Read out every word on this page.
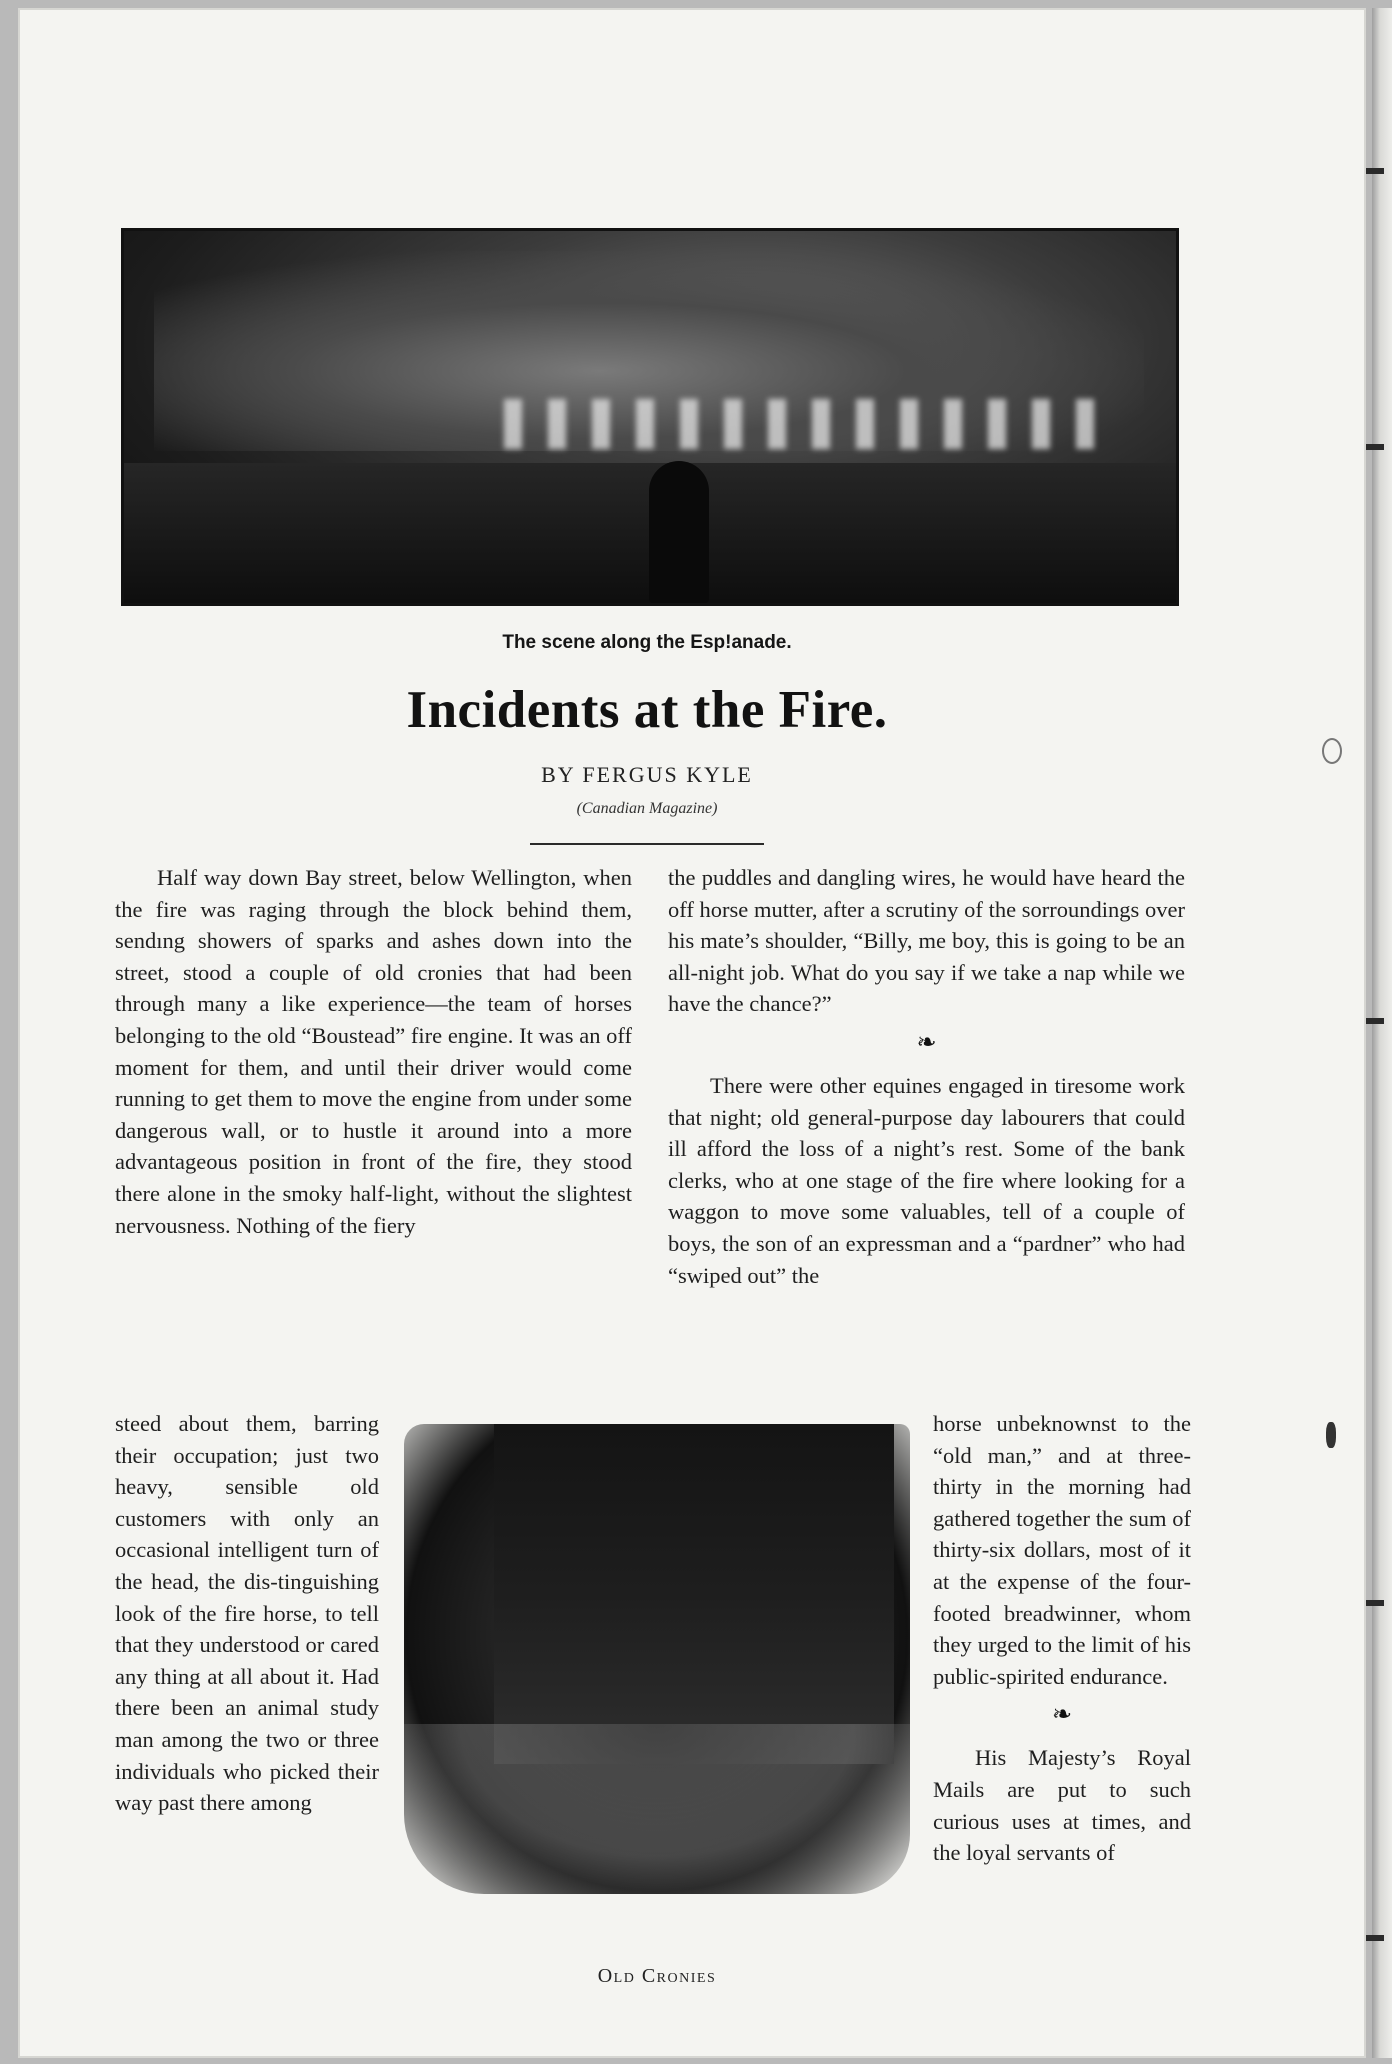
The scene along the Esp!anade.
Incidents at the Fire.
BY FERGUS KYLE
(Canadian Magazine)

Half way down Bay street, below Wellington, when the fire was raging through the block behind them, sendıng showers of sparks and ashes down into the street, stood a couple of old cronies that had been through many a like experience—the team of horses belonging to the old “Boustead” fire engine. It was an off moment for them, and until their driver would come running to get them to move the engine from under some dangerous wall, or to hustle it around into a more advantageous position in front of the fire, they stood there alone in the smoky half-light, without the slightest nervousness. Nothing of the fiery

steed about them, barring their occupation; just two heavy, sensible old customers with only an occasional intelligent turn of the head, the dis-tinguishing look of the fire horse, to tell that they understood or cared any thing at all about it. Had there been an animal study man among the two or three individuals who picked their way past there among

the puddles and dangling wires, he would have heard the off horse mutter, after a scrutiny of the sorroundings over his mate’s shoulder, “Billy, me boy, this is going to be an all-night job. What do you say if we take a nap while we have the chance?”

❧

There were other equines engaged in tiresome work that night; old general-purpose day labourers that could ill afford the loss of a night’s rest. Some of the bank clerks, who at one stage of the fire where looking for a waggon to move some valuables, tell of a couple of boys, the son of an expressman and a “pardner” who had “swiped out” the

horse unbeknownst to the “old man,” and at three-thirty in the morning had gathered together the sum of thirty-six dollars, most of it at the expense of the four-footed breadwinner, whom they urged to the limit of his public-spirited endurance.

❧

His Majesty’s Royal Mails are put to such curious uses at times, and the loyal servants of

Old Cronies
